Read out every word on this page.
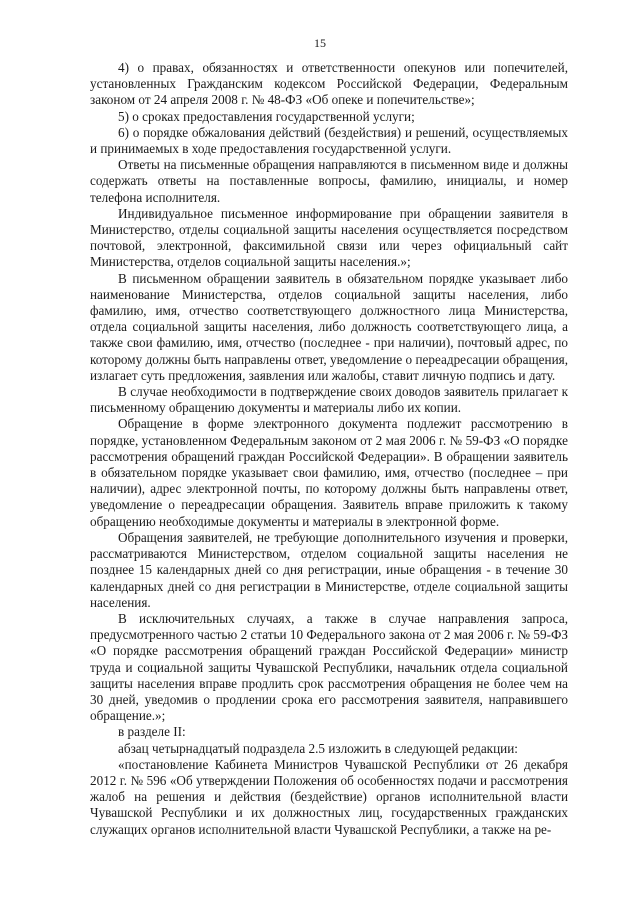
15

4) о правах, обязанностях и ответственности опекунов или попечителей, установленных Гражданским кодексом Российской Федерации, Федеральным законом от 24 апреля 2008 г. № 48-ФЗ «Об опеке и попечительстве»;

5) о сроках предоставления государственной услуги;

6) о порядке обжалования действий (бездействия) и решений, осуществляемых и принимаемых в ходе предоставления государственной услуги.

Ответы на письменные обращения направляются в письменном виде и должны содержать ответы на поставленные вопросы, фамилию, инициалы, и номер телефона исполнителя.

Индивидуальное письменное информирование при обращении заявителя в Министерство, отделы социальной защиты населения осуществляется посредством почтовой, электронной, факсимильной связи или через официальный сайт Министерства, отделов социальной защиты населения.»;

В письменном обращении заявитель в обязательном порядке указывает либо наименование Министерства, отделов социальной защиты населения, либо фамилию, имя, отчество соответствующего должностного лица Министерства, отдела социальной защиты населения, либо должность соответствующего лица, а также свои фамилию, имя, отчество (последнее - при наличии), почтовый адрес, по которому должны быть направлены ответ, уведомление о переадресации обращения, излагает суть предложения, заявления или жалобы, ставит личную подпись и дату.

В случае необходимости в подтверждение своих доводов заявитель прилагает к письменному обращению документы и материалы либо их копии.

Обращение в форме электронного документа подлежит рассмотрению в порядке, установленном Федеральным законом от 2 мая 2006 г. № 59-ФЗ «О порядке рассмотрения обращений граждан Российской Федерации». В обращении заявитель в обязательном порядке указывает свои фамилию, имя, отчество (последнее – при наличии), адрес электронной почты, по которому должны быть направлены ответ, уведомление о переадресации обращения. Заявитель вправе приложить к такому обращению необходимые документы и материалы в электронной форме.

Обращения заявителей, не требующие дополнительного изучения и проверки, рассматриваются Министерством, отделом социальной защиты населения не позднее 15 календарных дней со дня регистрации, иные обращения - в течение 30 календарных дней со дня регистрации в Министерстве, отделе социальной защиты населения.

В исключительных случаях, а также в случае направления запроса, предусмотренного частью 2 статьи 10 Федерального закона от 2 мая 2006 г. № 59-ФЗ «О порядке рассмотрения обращений граждан Российской Федерации» министр труда и социальной защиты Чувашской Республики, начальник отдела социальной защиты населения вправе продлить срок рассмотрения обращения не более чем на 30 дней, уведомив о продлении срока его рассмотрения заявителя, направившего обращение.»;

в разделе II:

абзац четырнадцатый подраздела 2.5 изложить в следующей редакции:

«постановление Кабинета Министров Чувашской Республики от 26 декабря 2012 г. № 596 «Об утверждении Положения об особенностях подачи и рассмотрения жалоб на решения и действия (бездействие) органов исполнительной власти Чувашской Республики и их должностных лиц, государственных гражданских служащих органов исполнительной власти Чувашской Республики, а также на ре-
